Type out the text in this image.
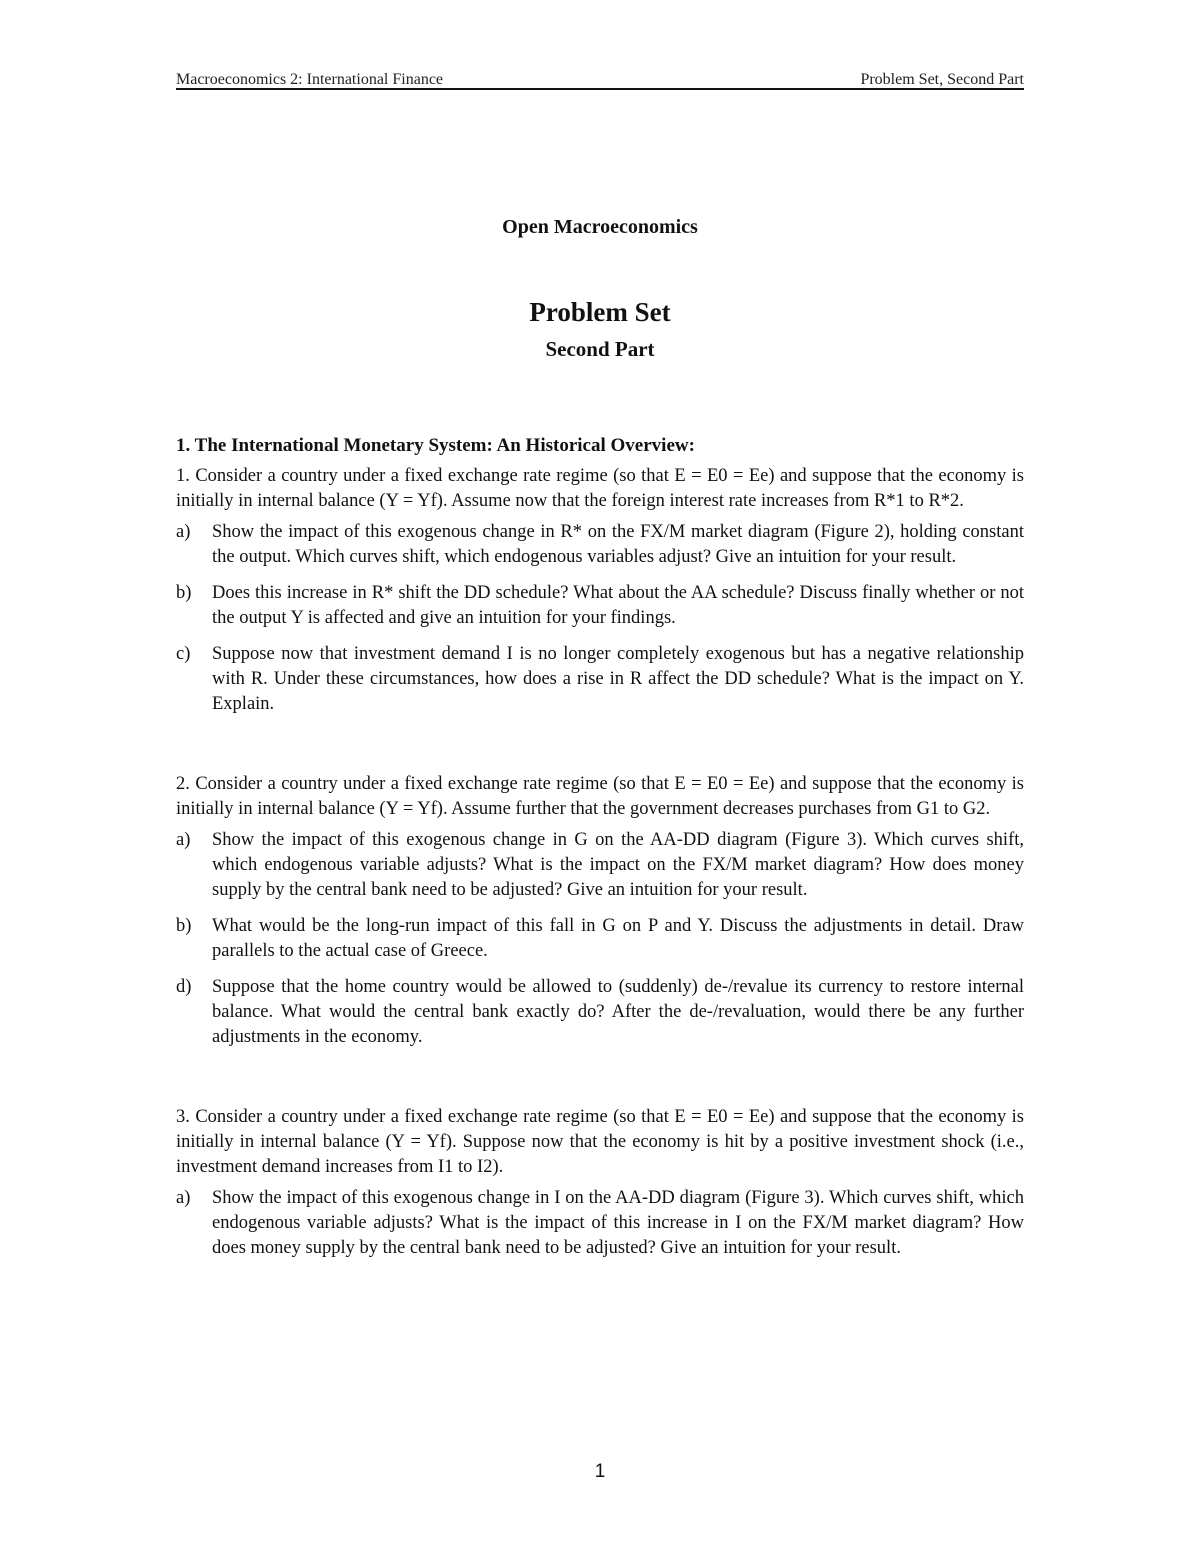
Macroeconomics 2: International Finance	Problem Set, Second Part
Open Macroeconomics
Problem Set
Second Part
1. The International Monetary System: An Historical Overview:

1. Consider a country under a fixed exchange rate regime (so that E = E0 = Ee) and suppose that the economy is initially in internal balance (Y = Yf). Assume now that the foreign interest rate increases from R*1 to R*2.

a) Show the impact of this exogenous change in R* on the FX/M market diagram (Figure 2), holding constant the output. Which curves shift, which endogenous variables adjust? Give an intuition for your result.
b) Does this increase in R* shift the DD schedule? What about the AA schedule? Discuss finally whether or not the output Y is affected and give an intuition for your findings.
c) Suppose now that investment demand I is no longer completely exogenous but has a negative relationship with R. Under these circumstances, how does a rise in R affect the DD schedule? What is the impact on Y. Explain.

2. Consider a country under a fixed exchange rate regime (so that E = E0 = Ee) and suppose that the economy is initially in internal balance (Y = Yf). Assume further that the government decreases purchases from G1 to G2.

a) Show the impact of this exogenous change in G on the AA-DD diagram (Figure 3). Which curves shift, which endogenous variable adjusts? What is the impact on the FX/M market diagram? How does money supply by the central bank need to be adjusted? Give an intuition for your result.
b) What would be the long-run impact of this fall in G on P and Y. Discuss the adjustments in detail. Draw parallels to the actual case of Greece.
d) Suppose that the home country would be allowed to (suddenly) de-/revalue its currency to restore internal balance. What would the central bank exactly do? After the de-/revaluation, would there be any further adjustments in the economy.

3. Consider a country under a fixed exchange rate regime (so that E = E0 = Ee) and suppose that the economy is initially in internal balance (Y = Yf). Suppose now that the economy is hit by a positive investment shock (i.e., investment demand increases from I1 to I2).

a) Show the impact of this exogenous change in I on the AA-DD diagram (Figure 3). Which curves shift, which endogenous variable adjusts? What is the impact of this increase in I on the FX/M market diagram? How does money supply by the central bank need to be adjusted? Give an intuition for your result.
1
